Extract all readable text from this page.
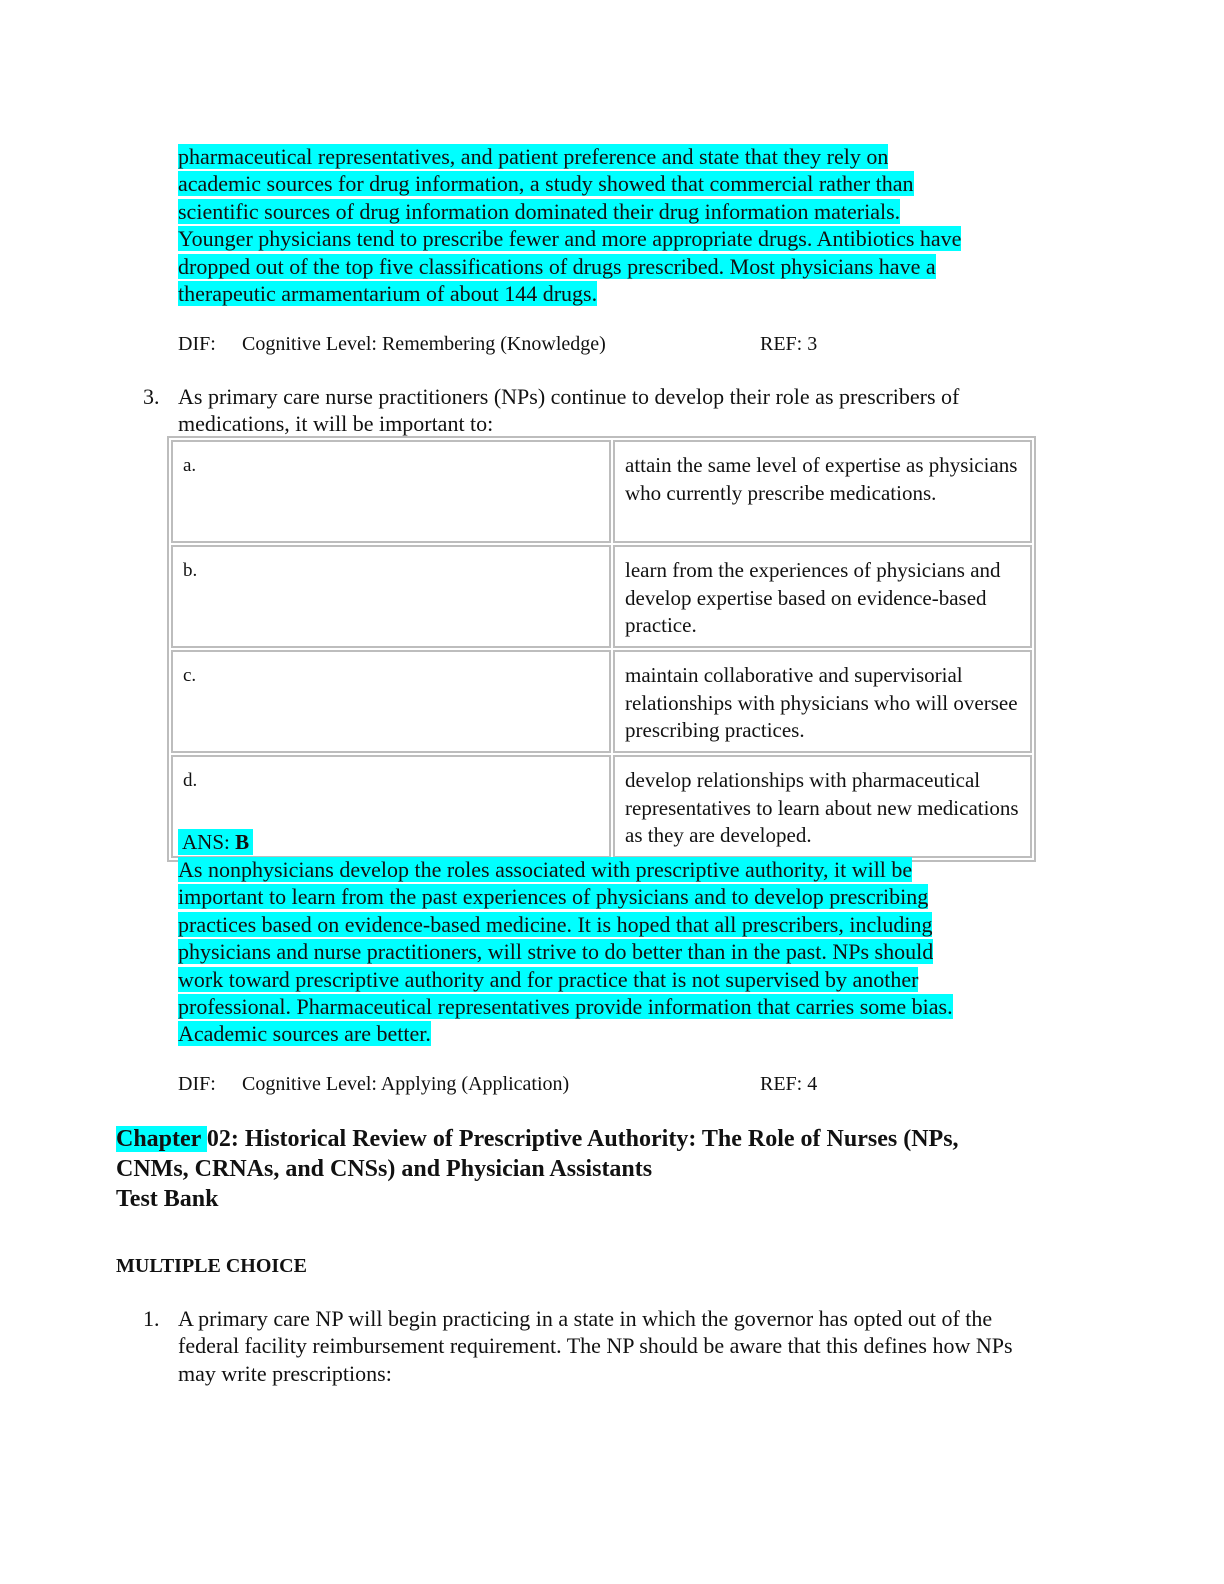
pharmaceutical representatives, and patient preference and state that they rely on
academic sources for drug information, a study showed that commercial rather than
scientific sources of drug information dominated their drug information materials.
Younger physicians tend to prescribe fewer and more appropriate drugs. Antibiotics have
dropped out of the top five classifications of drugs prescribed. Most physicians have a
therapeutic armamentarium of about 144 drugs.
DIF: Cognitive Level: Remembering (Knowledge)	REF: 3
3. As primary care nurse practitioners (NPs) continue to develop their role as prescribers of medications, it will be important to:
a.	attain the same level of expertise as physicians who currently prescribe medications.
b.	learn from the experiences of physicians and develop expertise based on evidence-based practice.
c.	maintain collaborative and supervisorial relationships with physicians who will oversee prescribing practices.
d.	develop relationships with pharmaceutical representatives to learn about new medications as they are developed.
ANS: B
As nonphysicians develop the roles associated with prescriptive authority, it will be
important to learn from the past experiences of physicians and to develop prescribing
practices based on evidence-based medicine. It is hoped that all prescribers, including
physicians and nurse practitioners, will strive to do better than in the past. NPs should
work toward prescriptive authority and for practice that is not supervised by another
professional. Pharmaceutical representatives provide information that carries some bias.
Academic sources are better.
DIF: Cognitive Level: Applying (Application)	REF: 4
Chapter 02: Historical Review of Prescriptive Authority: The Role of Nurses (NPs,
CNMs, CRNAs, and CNSs) and Physician Assistants
Test Bank
MULTIPLE CHOICE
1. A primary care NP will begin practicing in a state in which the governor has opted out of the federal facility reimbursement requirement. The NP should be aware that this defines how NPs may write prescriptions:
